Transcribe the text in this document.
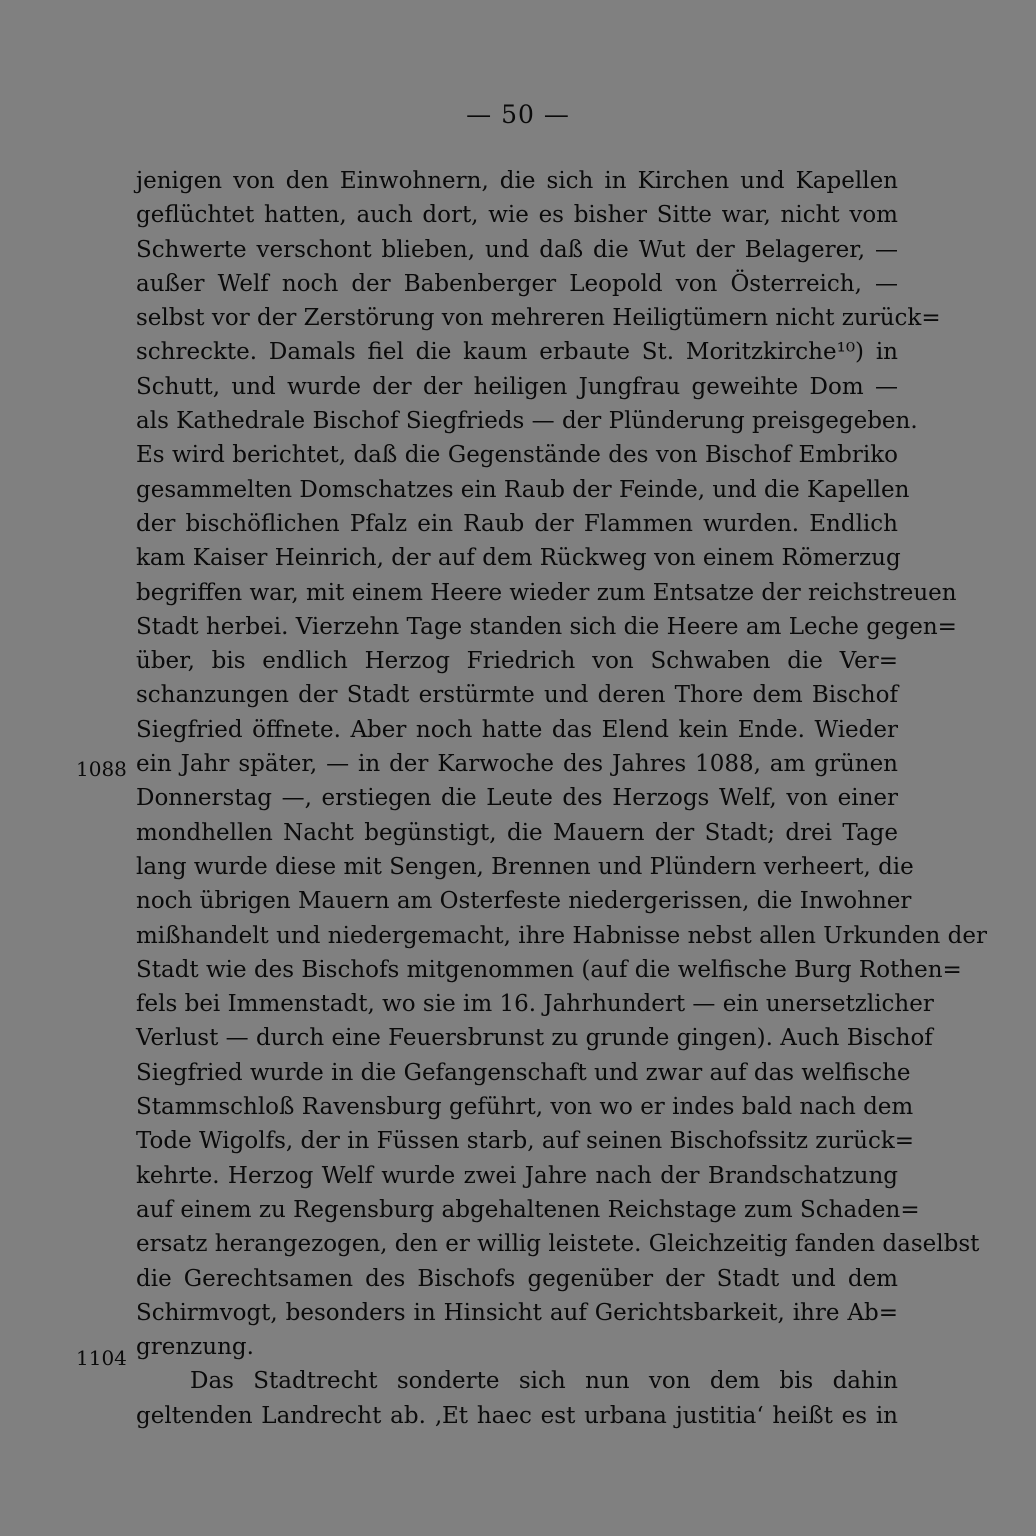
— 50 —
1088
1104
jenigen von den Einwohnern, die sich in Kirchen und Kapellen
geflüchtet hatten, auch dort, wie es bisher Sitte war, nicht vom
Schwerte verschont blieben, und daß die Wut der Belagerer, —
außer Welf noch der Babenberger Leopold von Österreich, —
selbst vor der Zerstörung von mehreren Heiligtümern nicht zurück=
schreckte. Damals fiel die kaum erbaute St. Moritzkirche¹⁰) in
Schutt, und wurde der der heiligen Jungfrau geweihte Dom —
als Kathedrale Bischof Siegfrieds — der Plünderung preisgegeben.
Es wird berichtet, daß die Gegenstände des von Bischof Embriko
gesammelten Domschatzes ein Raub der Feinde, und die Kapellen
der bischöflichen Pfalz ein Raub der Flammen wurden. Endlich
kam Kaiser Heinrich, der auf dem Rückweg von einem Römerzug
begriffen war, mit einem Heere wieder zum Entsatze der reichstreuen
Stadt herbei. Vierzehn Tage standen sich die Heere am Leche gegen=
über, bis endlich Herzog Friedrich von Schwaben die Ver=
schanzungen der Stadt erstürmte und deren Thore dem Bischof
Siegfried öffnete. Aber noch hatte das Elend kein Ende. Wieder
ein Jahr später, — in der Karwoche des Jahres 1088, am grünen
Donnerstag —, erstiegen die Leute des Herzogs Welf, von einer
mondhellen Nacht begünstigt, die Mauern der Stadt; drei Tage
lang wurde diese mit Sengen, Brennen und Plündern verheert, die
noch übrigen Mauern am Osterfeste niedergerissen, die Inwohner
mißhandelt und niedergemacht, ihre Habnisse nebst allen Urkunden der
Stadt wie des Bischofs mitgenommen (auf die welfische Burg Rothen=
fels bei Immenstadt, wo sie im 16. Jahrhundert — ein unersetzlicher
Verlust — durch eine Feuersbrunst zu grunde gingen). Auch Bischof
Siegfried wurde in die Gefangenschaft und zwar auf das welfische
Stammschloß Ravensburg geführt, von wo er indes bald nach dem
Tode Wigolfs, der in Füssen starb, auf seinen Bischofssitz zurück=
kehrte. Herzog Welf wurde zwei Jahre nach der Brandschatzung
auf einem zu Regensburg abgehaltenen Reichstage zum Schaden=
ersatz herangezogen, den er willig leistete. Gleichzeitig fanden daselbst
die Gerechtsamen des Bischofs gegenüber der Stadt und dem
Schirmvogt, besonders in Hinsicht auf Gerichtsbarkeit, ihre Ab=
grenzung.
Das Stadtrecht sonderte sich nun von dem bis dahin
geltenden Landrecht ab. ‚Et haec est urbana justitia‘ heißt es in
